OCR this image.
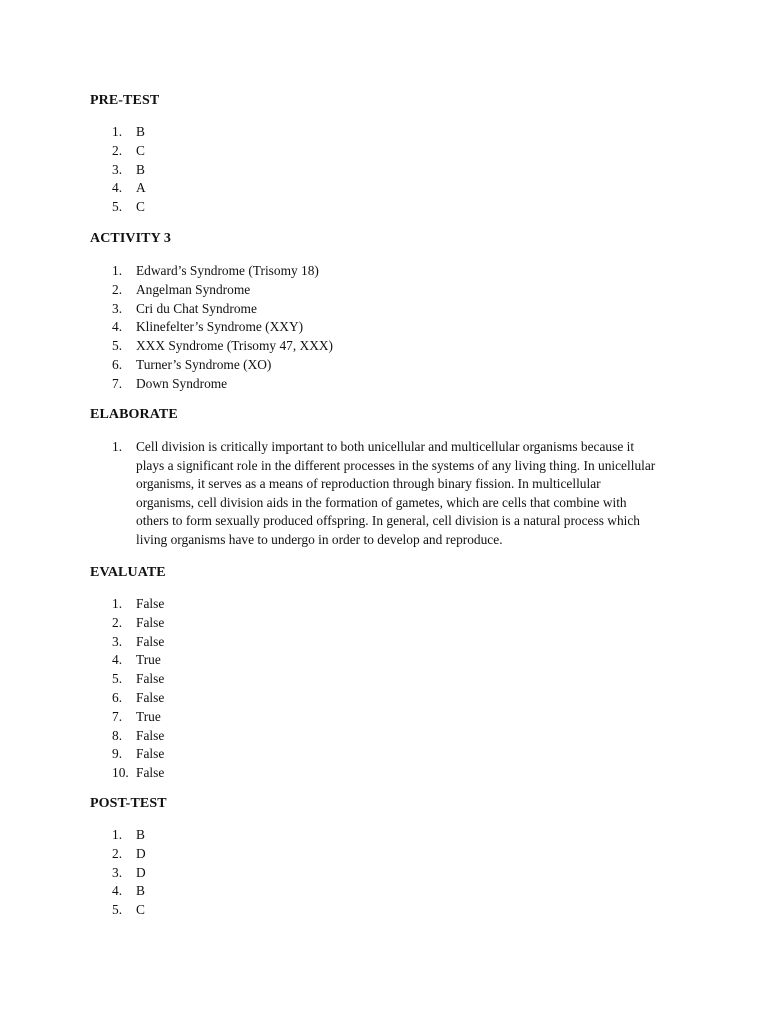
PRE-TEST
1. B
2. C
3. B
4. A
5. C
ACTIVITY 3
1. Edward’s Syndrome (Trisomy 18)
2. Angelman Syndrome
3. Cri du Chat Syndrome
4. Klinefelter’s Syndrome (XXY)
5. XXX Syndrome (Trisomy 47, XXX)
6. Turner’s Syndrome (XO)
7. Down Syndrome
ELABORATE
1. Cell division is critically important to both unicellular and multicellular organisms because it
plays a significant role in the different processes in the systems of any living thing. In unicellular
organisms, it serves as a means of reproduction through binary fission. In multicellular
organisms, cell division aids in the formation of gametes, which are cells that combine with
others to form sexually produced offspring. In general, cell division is a natural process which
living organisms have to undergo in order to develop and reproduce.
EVALUATE
1. False
2. False
3. False
4. True
5. False
6. False
7. True
8. False
9. False
10. False
POST-TEST
1. B
2. D
3. D
4. B
5. C
